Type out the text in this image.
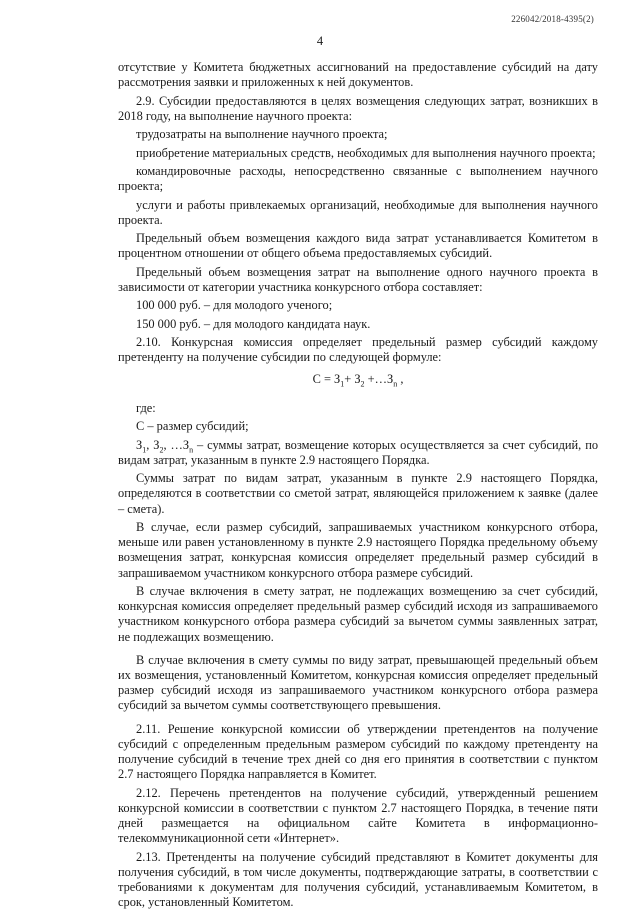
226042/2018-4395(2)
4

отсутствие у Комитета бюджетных ассигнований на предоставление субсидий на дату рассмотрения заявки и приложенных к ней документов.

2.9. Субсидии предоставляются в целях возмещения следующих затрат, возникших в 2018 году, на выполнение научного проекта:

трудозатраты на выполнение научного проекта;

приобретение материальных средств, необходимых для выполнения научного проекта;

командировочные расходы, непосредственно связанные с выполнением научного проекта;

услуги и работы привлекаемых организаций, необходимые для выполнения научного проекта.

Предельный объем возмещения каждого вида затрат устанавливается Комитетом в процентном отношении от общего объема предоставляемых субсидий.

Предельный объем возмещения затрат на выполнение одного научного проекта в зависимости от категории участника конкурсного отбора составляет:

100 000 руб. – для молодого ученого;

150 000 руб. – для молодого кандидата наук.

2.10. Конкурсная комиссия определяет предельный размер субсидий каждому претенденту на получение субсидии по следующей формуле:

$С = З_1+ З_2$ $+\dots З_n$ ,

где:

С – размер субсидий;

$З_1$, $З_2$, $\dots З_n$ – суммы затрат, возмещение которых осуществляется за счет субсидий, по видам затрат, указанным в пункте 2.9 настоящего Порядка.

Суммы затрат по видам затрат, указанным в пункте 2.9 настоящего Порядка, определяются в соответствии со сметой затрат, являющейся приложением к заявке (далее – смета).

В случае, если размер субсидий, запрашиваемых участником конкурсного отбора, меньше или равен установленному в пункте 2.9 настоящего Порядка предельному объему возмещения затрат, конкурсная комиссия определяет предельный размер субсидий в запрашиваемом участником конкурсного отбора размере субсидий.

В случае включения в смету затрат, не подлежащих возмещению за счет субсидий, конкурсная комиссия определяет предельный размер субсидий исходя из запрашиваемого участником конкурсного отбора размера субсидий за вычетом суммы заявленных затрат, не подлежащих возмещению.

В случае включения в смету суммы по виду затрат, превышающей предельный объем их возмещения, установленный Комитетом, конкурсная комиссия определяет предельный размер субсидий исходя из запрашиваемого участником конкурсного отбора размера субсидий за вычетом суммы соответствующего превышения.

2.11. Решение конкурсной комиссии об утверждении претендентов на получение субсидий с определенным предельным размером субсидий по каждому претенденту на получение субсидий в течение трех дней со дня его принятия в соответствии с пунктом 2.7 настоящего Порядка направляется в Комитет.

2.12. Перечень претендентов на получение субсидий, утвержденный решением конкурсной комиссии в соответствии с пунктом 2.7 настоящего Порядка, в течение пяти дней размещается на официальном сайте Комитета в информационно-телекоммуникационной сети «Интернет».

2.13. Претенденты на получение субсидий представляют в Комитет документы для получения субсидий, в том числе документы, подтверждающие затраты, в соответствии с требованиями к документам для получения субсидий, устанавливаемым Комитетом, в срок, установленный Комитетом.
